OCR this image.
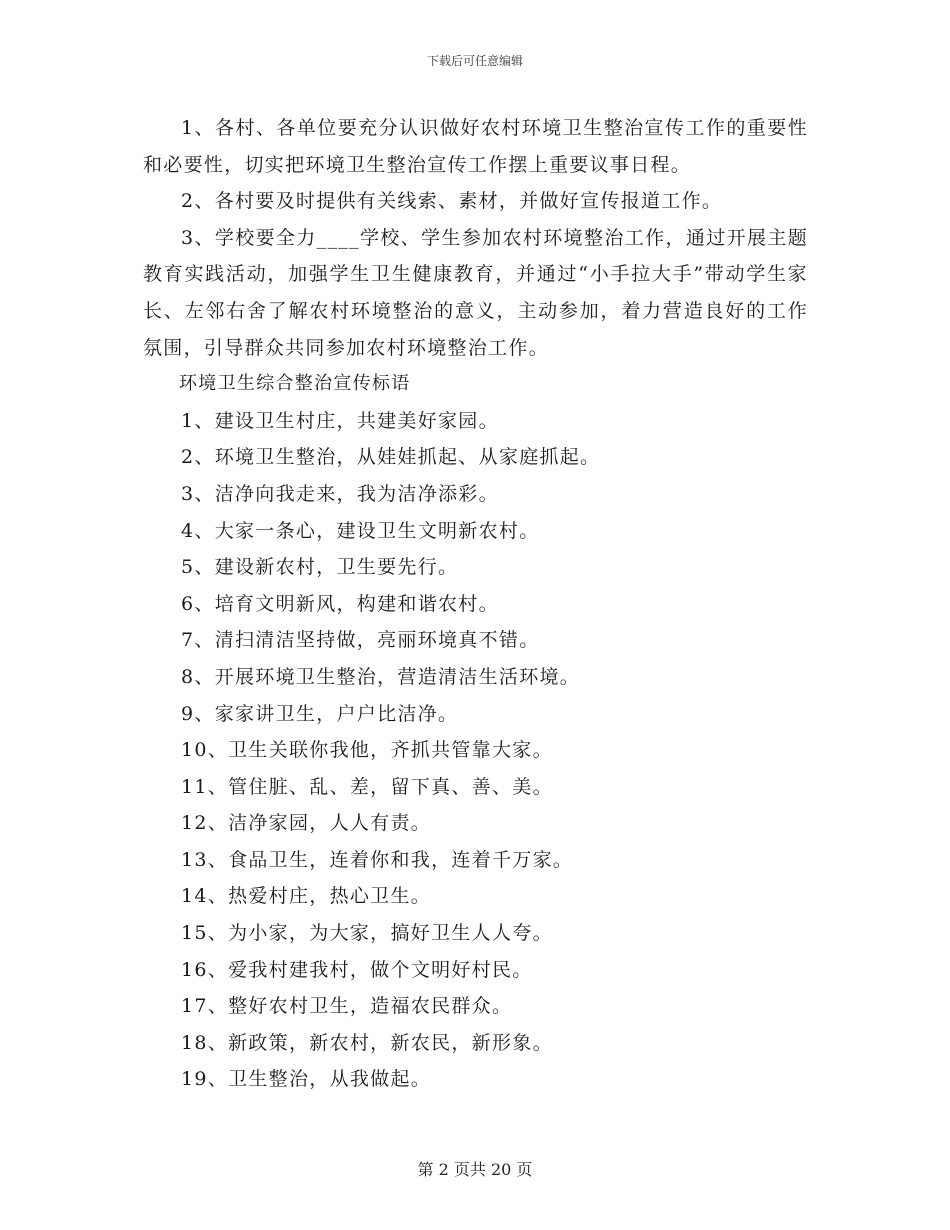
下载后可任意编辑

1、各村、各单位要充分认识做好农村环境卫生整治宣传工作的重要性和必要性，切实把环境卫生整治宣传工作摆上重要议事日程。

2、各村要及时提供有关线索、素材，并做好宣传报道工作。

3、学校要全力____学校、学生参加农村环境整治工作，通过开展主题教育实践活动，加强学生卫生健康教育，并通过“小手拉大手”带动学生家长、左邻右舍了解农村环境整治的意义，主动参加，着力营造良好的工作氛围，引导群众共同参加农村环境整治工作。

环境卫生综合整治宣传标语

1、建设卫生村庄，共建美好家园。
2、环境卫生整治，从娃娃抓起、从家庭抓起。
3、洁净向我走来，我为洁净添彩。
4、大家一条心，建设卫生文明新农村。
5、建设新农村，卫生要先行。
6、培育文明新风，构建和谐农村。
7、清扫清洁坚持做，亮丽环境真不错。
8、开展环境卫生整治，营造清洁生活环境。
9、家家讲卫生，户户比洁净。
10、卫生关联你我他，齐抓共管靠大家。
11、管住脏、乱、差，留下真、善、美。
12、洁净家园，人人有责。
13、食品卫生，连着你和我，连着千万家。
14、热爱村庄，热心卫生。
15、为小家，为大家，搞好卫生人人夸。
16、爱我村建我村，做个文明好村民。
17、整好农村卫生，造福农民群众。
18、新政策，新农村，新农民，新形象。
19、卫生整治，从我做起。
第 2 页共 20 页
